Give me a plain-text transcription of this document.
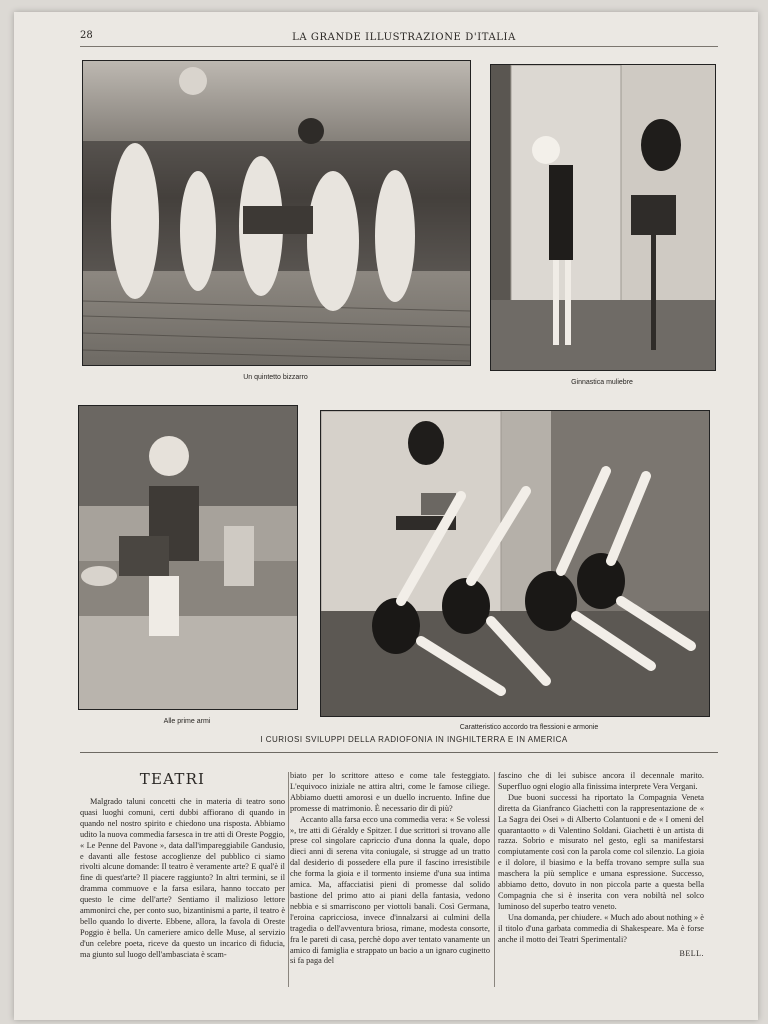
28	LA GRANDE ILLUSTRAZIONE D'ITALIA
Un quintetto bizzarro
Ginnastica muliebre
Alle prime armi
Caratteristico accordo tra flessioni e armonie
I CURIOSI SVILUPPI DELLA RADIOFONIA IN INGHILTERRA E IN AMERICA
TEATRI

Malgrado taluni concetti che in materia di teatro sono quasi luoghi comuni, certi dubbi affiorano di quando in quando nel nostro spirito e chiedono una risposta. Abbiamo udito la nuova commedia farsesca in tre atti di Oreste Poggio, « Le Penne del Pavone », data dall'impareggiabile Gandusio, e davanti alle festose accoglienze del pubblico ci siamo rivolti alcune domande: Il teatro è veramente arte? E qual'è il fine di quest'arte? Il piacere raggiunto? In altri termini, se il dramma commuove e la farsa esilara, hanno toccato per questo le cime dell'arte? Sentiamo il malizioso lettore ammonirci che, per conto suo, bizantinismi a parte, il teatro è bello quando lo diverte. Ebbene, allora, la favola di Oreste Poggio è bella. Un cameriere amico delle Muse, al servizio d'un celebre poeta, riceve da questo un incarico di fiducia, ma giunto sul luogo dell'ambasciata è scam-

biato per lo scrittore atteso e come tale festeggiato. L'equivoco iniziale ne attira altri, come le famose ciliege. Abbiamo duetti amorosi e un duello incruento. Infine due promesse di matrimonio. È necessario dir di più?

Accanto alla farsa ecco una commedia vera: « Se volessi », tre atti di Géraldy e Spitzer. I due scrittori si trovano alle prese col singolare capriccio d'una donna la quale, dopo dieci anni di serena vita coniugale, si strugge ad un tratto dal desiderio di possedere ella pure il fascino irresistibile che forma la gioia e il tormento insieme d'una sua intima amica. Ma, affacciatisi pieni di promesse dal solido bastione del primo atto ai piani della fantasia, vedono nebbia e si smarriscono per viottoli banali. Così Germana, l'eroina capricciosa, invece d'innalzarsi ai culmini della tragedia o dell'avventura briosa, rimane, modesta consorte, fra le pareti di casa, perchè dopo aver tentato vanamente un amico di famiglia e strappato un bacio a un ignaro cuginetto si fa paga del

fascino che di lei subisce ancora il decennale marito. Superfluo ogni elogio alla finissima interprete Vera Vergani.

Due buoni successi ha riportato la Compagnia Veneta diretta da Gianfranco Giachetti con la rappresentazione de « La Sagra dei Osei » di Alberto Colantuoni e de « I omeni del quarantaotto » di Valentino Soldani. Giachetti è un artista di razza. Sobrio e misurato nel gesto, egli sa manifestarsi compiutamente così con la parola come col silenzio. La gioia e il dolore, il biasimo e la beffa trovano sempre sulla sua maschera la più semplice e umana espressione. Successo, abbiamo detto, dovuto in non piccola parte a questa bella Compagnia che si è inserita con vera nobiltà nel solco luminoso del superbo teatro veneto.

Una domanda, per chiudere. « Much ado about nothing » è il titolo d'una garbata commedia di Shakespeare. Ma è forse anche il motto dei Teatri Sperimentali?

BELL.
